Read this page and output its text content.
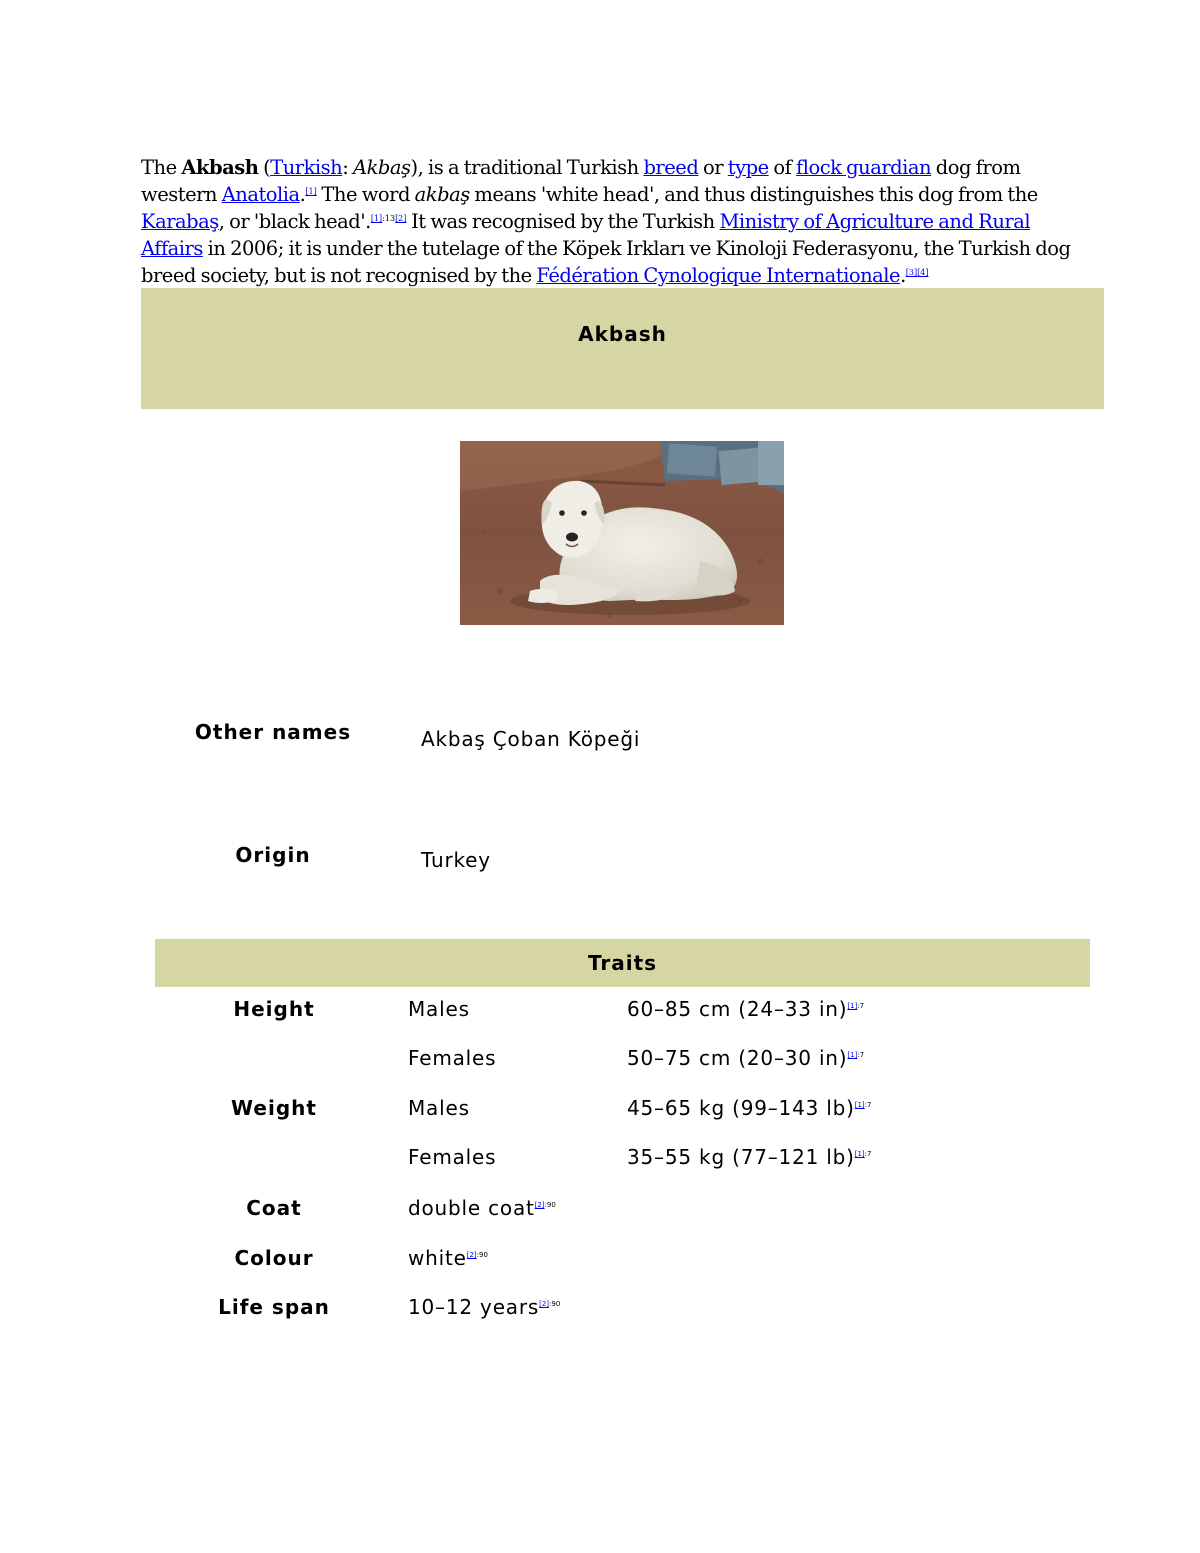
The Akbash (Turkish: Akbaş), is a traditional Turkish breed or type of flock guardian dog from western Anatolia.[1] The word akbaş means 'white head', and thus distinguishes this dog from the Karabaş, or 'black head'.[1]:13[2] It was recognised by the Turkish Ministry of Agriculture and Rural Affairs in 2006; it is under the tutelage of the Köpek Irkları ve Kinoloji Federasyonu, the Turkish dog breed society, but is not recognised by the Fédération Cynologique Internationale.[3][4]

Akbash
Other names	Akbaş Çoban Köpeği
Origin	Turkey
Traits
Height	Males	60–85 cm (24–33 in)$^{[1]:7}$
Females	50–75 cm (20–30 in)$^{[1]:7}$
Weight	Males	45–65 kg (99–143 lb)$^{[1]:7}$
Females	35–55 kg (77–121 lb)$^{[1]:7}$
Coat	double coat$^{[2]:90}$
Colour	white$^{[2]:90}$
Life span	10–12 years$^{[2]:90}$
